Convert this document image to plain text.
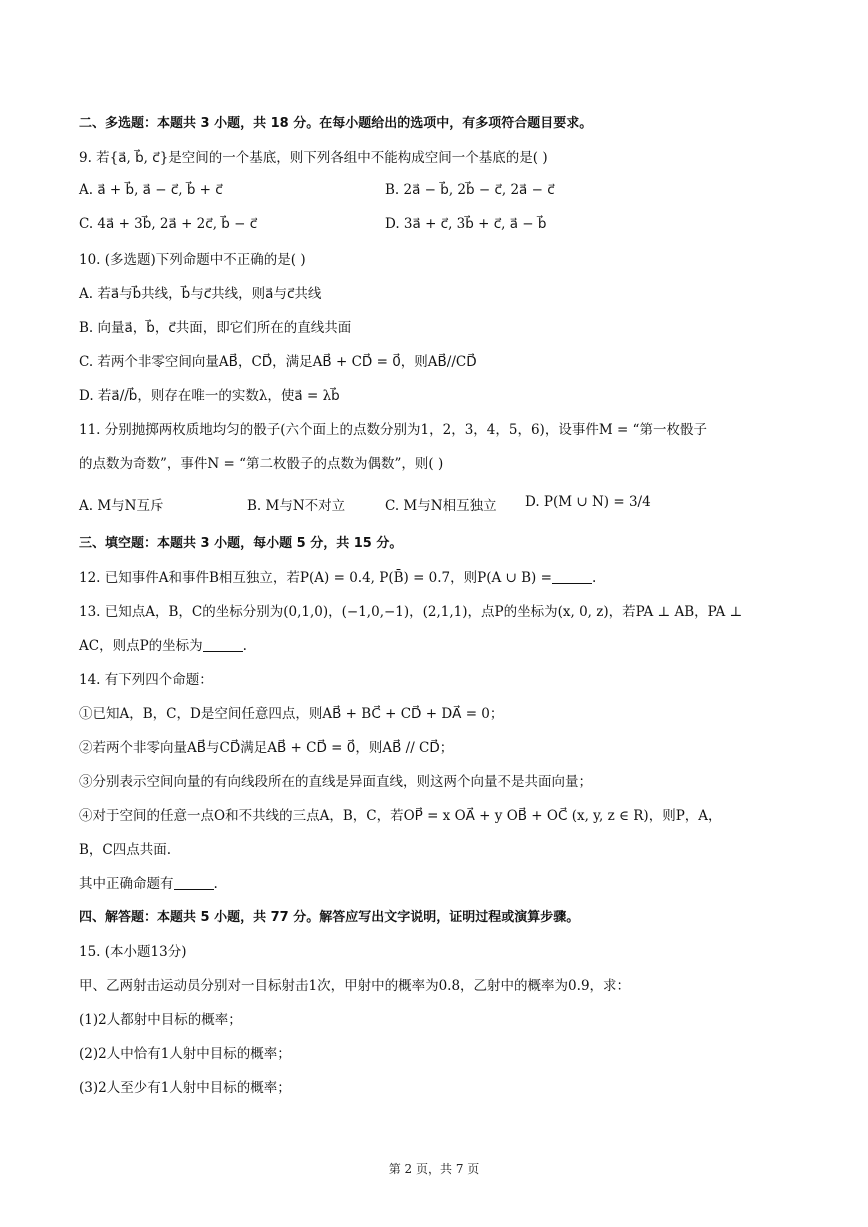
二、多选题：本题共 3 小题，共 18 分。在每小题给出的选项中，有多项符合题目要求。
9. 若{a⃗, b⃗, c⃗}是空间的一个基底，则下列各组中不能构成空间一个基底的是( )
A. a⃗ + b⃗, a⃗ − c⃗, b⃗ + c⃗	B. 2a⃗ − b⃗, 2b⃗ − c⃗, 2a⃗ − c⃗
C. 4a⃗ + 3b⃗, 2a⃗ + 2c⃗, b⃗ − c⃗	D. 3a⃗ + c⃗, 3b⃗ + c⃗, a⃗ − b⃗
10. (多选题)下列命题中不正确的是( )
A. 若a⃗与b⃗共线，b⃗与c⃗共线，则a⃗与c⃗共线
B. 向量a⃗，b⃗，c⃗共面，即它们所在的直线共面
C. 若两个非零空间向量AB⃗，CD⃗，满足AB⃗ + CD⃗ = 0⃗，则AB⃗//CD⃗
D. 若a⃗//b⃗，则存在唯一的实数λ，使a⃗ = λb⃗
11. 分别抛掷两枚质地均匀的骰子(六个面上的点数分别为1，2，3，4，5，6)，设事件M = “第一枚骰子
的点数为奇数”，事件N = “第二枚骰子的点数为偶数”，则( )
A. M与N互斥	B. M与N不对立	C. M与N相互独立 D. P(M ∪ N) = 3/4
三、填空题：本题共 3 小题，每小题 5 分，共 15 分。
12. 已知事件A和事件B相互独立，若P(A) = 0.4, P(B̄) = 0.7，则P(A ∪ B) =	.
13. 已知点A，B，C的坐标分别为(0,1,0)，(−1,0,−1)，(2,1,1)，点P的坐标为(x, 0, z)，若PA ⊥ AB，PA ⊥
AC，则点P的坐标为	.
14. 有下列四个命题：
①已知A，B，C，D是空间任意四点，则AB⃗ + BC⃗ + CD⃗ + DA⃗ = 0；
②若两个非零向量AB⃗与CD⃗满足AB⃗ + CD⃗ = 0⃗，则AB⃗ // CD⃗；
③分别表示空间向量的有向线段所在的直线是异面直线，则这两个向量不是共面向量；
④对于空间的任意一点O和不共线的三点A，B，C，若OP⃗ = x OA⃗ + y OB⃗ + OC⃗ (x, y, z ∈ R)，则P，A，
B，C四点共面.
其中正确命题有	.
四、解答题：本题共 5 小题，共 77 分。解答应写出文字说明，证明过程或演算步骤。
15. (本小题13分)
甲、乙两射击运动员分别对一目标射击1次，甲射中的概率为0.8，乙射中的概率为0.9，求：
(1)2人都射中目标的概率；
(2)2人中恰有1人射中目标的概率；
(3)2人至少有1人射中目标的概率；
第 2 页，共 7 页
